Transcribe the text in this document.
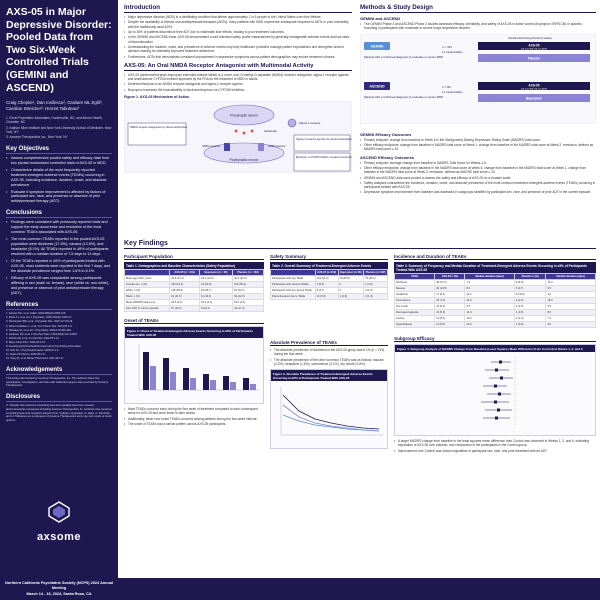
AXS-05 in Major Depressive Disorder: Pooled Data from Two Six-Week Controlled Trials (GEMINI and ASCEND)
Craig Chepke¹, Dan Iosifescu², Graham ML Eglit³, Caroline Streicher³, Herriot Tabuteau³
1. Excel Psychiatric Associates, Huntersville, NC, and Atrium Health, Charlotte, NC
2. Nathan Kline Institute and New York University School of Medicine, New York, NY
3. Axsome Therapeutics Inc., New York, NY
Key Objectives
• Assess comprehensive pooled safety and efficacy data from two pivotal randomized controlled trials of AXS-05 in MDD.
• Characterize details of the most frequently reported treatment-emergent adverse events (TEAEs) occurring in AXS-05, including incidence, duration, onset, and absolute prevalence.
• Evaluate if symptom improvement is affected by factors of participant sex, race, and presence or absence of prior antidepressant therapy (ADT).
Conclusions
• Findings were consistent with previously reported trials and support the early occurrence and resolution of the most common TEAEs associated with AXS-05.
• The most common TEAEs reported in the pooled AXS-05 population were dizziness (17.6%), nausea (13.8%), and headache (8.1%). All TEAEs reported in ≥5% of participants resolved with a median duration of 7.5 days to 14 days.
• Of the TEAEs reported in ≥5% of participants treated with AXS-05, most incidents were reported in the first 7 days, and the absolute prevalence ranged from 1.6% to 6.1%.
• Efficacy of AXS-05 was comparable among participants differing in sex (male vs. female), race (white vs. non-white), and presence or absence of prior antidepressant therapy (ADT).
References
1. Kessler RC, et al. JAMA. 2003;289(23):3095-105.
2. Rush AJ, et al. Am J Psychiatry. 2006;163(11):1905-17.
3. Pennington BW, et al. J Psychiatr Res. 2020;127:40-49.
4. Pérez-Caballero L, et al. Curr Pharm Des. 2014;20:1-9.
5. Tabuteau H, et al. Am J Psychiatry. 2022;179:490-499.
6. Iosifescu DV, et al. J Clin Psychiatry. 2022;83(4):21m14345.
7. Kazdin AE, et al. Am Psychol. 2023;78:1-12.
8. Mayo Clinic Proc. 2021;96:1-15.
9. Auvelity (dextromethorphan-bupropion) Prescribing Information.
10. Nutt DJ. J Psychopharmacol. 2008;22:1-5.
11. Dean Clin Neuro. 2020;45:1-9.
12. Papp M, et al. Behav Pharmacol. 2021;32:1-8.
Acknowledgements
This study was funded by Axsome Therapeutics, Inc. The authors thank the participants, investigators, and site staff. Editorial support was provided by Axsome Therapeutics.
Disclosures
C. Chepke has received consulting fees and speaker fees from several pharmaceutical companies including Axsome Therapeutics. D. Iosifescu has received consulting fees and research support from multiple companies. G. Eglit, C. Streicher, and H. Tabuteau are employees of Axsome Therapeutics and may own stock or stock options.
axsome
Northern California Psychiatric Society (NCPS) 2024 Annual Meeting
March 14 - 16, 2024, Santa Rosa, CA
Introduction
• Major depressive disorder (MDD) is a debilitating condition that affects approximately 1 in 5 people in the United States over their lifetime.
• Despite the availability of diverse oral antidepressant therapies (ADTs), many patients with MDD experience inadequate response to ADTs or poor tolerability with the traditionally used ADTs.
• Up to 35% of patients discontinue their ADT due to intolerable side effects, leading to poor treatment outcomes.
• In the GEMINI and ASCEND trials, AXS-05 demonstrated a well-tolerated safety profile characterized by generally manageable adverse events and low rates of discontinuation.
• Understanding the duration, onset, and prevalence of adverse events may help healthcare providers manage patient expectations and strengthen shared decision-making for ultimately improved treatment adherence.
• Furthermore, ADTs that demonstrate consistent improvement in depressive symptoms across patient demographics may ensure treatment choices.
AXS-05: An Oral NMDA Receptor Antagonist with Multimodal Activity
• AXS-05 (dextromethorphan-bupropion extended-release tablet) is a novel, oral, N-methyl-D-aspartate (NMDA) receptor antagonist, sigma-1 receptor agonist, and aminoketone CYP2D6 inhibitor approved by the FDA for the treatment of MDD in adults.
• Dextromethorphan is an NMDA receptor antagonist and sigma-1 receptor agonist.
• Bupropion increases the bioavailability of dextromethorphan via CYP2D6 inhibition.
Figure 1. AXS-05 Mechanism of Action
Presynaptic neuron
Glutamate
Postsynaptic neuron
NMDA receptor	AMPA receptor
Sigma-1 receptor
NMDA receptor antagonism by dextromethorphan
Sigma-1 receptor agonism by dextromethorphan
Bupropion, a CYP2D6 inhibitor, increases and prolon
Methods & Study Design
GEMINI and ASCEND
• The GEMINI Phase 3 and ASCEND Phase 2 studies assessed efficacy, tolerability, and safety of AXS-05 in active control (bupropion SR/PLCB) or placebo, recruiting in participants with moderate to severe major depressive disorder.
GEMINI
Patients with a confirmed diagnosis of moderate or severe MDD
n = 327
1:1 randomization
Double-blind Dosing Period (6 weeks)
AXS-05
(45 mg DXM-105 mg BUP)
Placebo
ASCEND
Patients with a confirmed diagnosis of moderate or severe MDD
n = 80
1:1 randomization
AXS-05
(45 mg DXM-105 mg BUP)
Bupropion
GEMINI Efficacy Outcomes
• Primary endpoint: change from baseline to Week 6 in the Montgomery-Åsberg Depression Rating Scale (MADRS) total score.
• Other efficacy endpoints: change from baseline in MADRS total score at Week 1, change from baseline in the MADRS total score at Week 2, remission, defined as MADRS total score ≤ 10.
ASCEND Efficacy Outcomes
• Primary endpoint: average change from baseline in MADRS Total Score for Weeks 1-6.
• Other efficacy endpoints: change from baseline in the MADRS total score at Week 6, change from baseline in the MADRS total score at Week 1, change from baseline in the MADRS total score at Week 2, remission, defined as MADRS total score ≤ 10.
• GEMINI and ASCEND data were pooled to assess the safety and efficacy of AXS-05 on a broader scale.
• Safety analyses characterize the incidence, duration, onset, and absolute prevalence of the most common treatment-emergent adverse events (TEAEs) occurring in participants treated with AXS-05.
• Depressive symptom improvement from baseline was assessed in subgroups stratified by participant sex, race, and presence of prior ADT in the current episode.
Key Findings
Participant Population
Table 1. Demographics and Baseline Characteristics (Safety Population)
	AXS-05 (n = 219)	Bupropion (n = 36)	Placebo (n = 162)
Mean age (SD), years	41.5 (13.1)	44.2 (12.5)	42.3 (12.6)
Female sex, n (%)	135 (61.6)	23 (63.9)	106 (65.4)
White, n (%)	118 (53.9)	24 (66.7)	87 (53.7)
Black, n (%)	91 (41.6)	11 (30.6)	69 (42.6)
Mean MADRS total score	33.5 (4.4)	33.2 (4.2)	33.4 (4.3)
Prior ADT in current episode	57 (26.0)	8 (22.2)	44 (27.2)
Onset of TEAEs
Figure 2. Onset of Treatment-Emergent Adverse Events Occurring in ≥5% of Participants Treated With AXS-05
• Most TEAEs occurred early during the first week of treatment compared to each subsequent week for AXS-05 and were fewer in later weeks.
• Additionally, fewer new onset TEAEs occurred among patients during the two-week interval.
• The onset of TEAEs had a similar pattern across AXS-05 participants.
Safety Summary
Table 2. Overall Summary of Treatment-Emergent Adverse Events
	AXS-05 (n=219)	Bupropion (n=36)	Placebo (n=162)
Participants with any TEAE	134 (61.2)	18 (50.0)	73 (45.1)
Participants with serious TEAEs	1 (0.5)	0	1 (0.6)
Participants with any severe TEAE	8 (3.7)	0	3 (1.9)
Discontinuation due to TEAE	13 (5.9)	1 (2.8)	3 (1.9)
Absolute Prevalence of TEAEs
• The absolute prevalence of dizziness in the AXS-05 group was 6.1% (n = 219) during the first week.
• The absolute prevalence of the other common TEAEs was as follows: nausea (4.2%), headache (1.6%), somnolence (2.1%), dry mouth (2.8%).
Figure 3. Absolute Prevalence of Treatment-Emergent Adverse Events Occurring in ≥5% of Participants Treated With AXS-05
Incidence and Duration of TEAEs
Table 3. Summary of Frequency and Median Duration of Treatment-Emergent Adverse Events Occurring in ≥5% of Participants Treated With AXS-05
TEAE	AXS-05 n (%)	Median duration (days)	Placebo n (%)	Median duration (days)
Dizziness	38 (17.6)	7.5	8 (4.9)	14.0
Nausea	30 (13.8)	8.0	6 (3.7)	9.5
Headache	17 (8.1)	14.0	14 (8.6)	4.0
Somnolence	15 (7.0)	14.0	4 (2.5)	18.0
Dry mouth	13 (6.2)	9.5	4 (2.5)	5.0
Decreased appetite	12 (5.6)	14.0	1 (0.6)	8.0
Anxiety	11 (5.0)	14.0	2 (1.2)	7.0
Hyperhidrosis	11 (5.0)	12.0	1 (0.6)	3.0
Subgroup Efficacy
Figure 4. Subgroup Analysis of MADRS Change From Baseline (Least Squares Mean Difference From Control) at Weeks 1, 2, and 6
• A larger MADRS change from baseline in the least squares mean difference from Control was observed in Weeks 1, 2, and 6, indicating separation of AXS-05 over placebo, and comparison in the participants in the Control group.
• Improvement over Control was shown regardless of participant sex, race, and prior treatment with an ADT.
